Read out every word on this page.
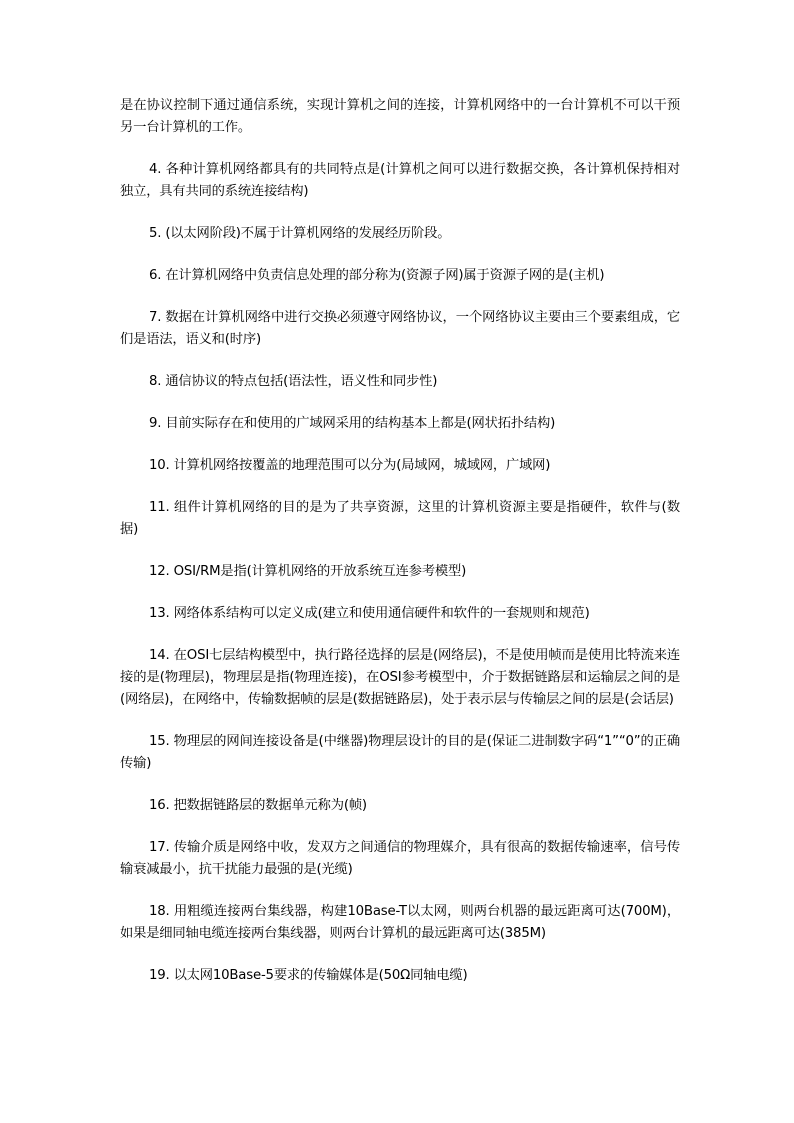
是在协议控制下通过通信系统，实现计算机之间的连接，计算机网络中的一台计算机不可以干预另一台计算机的工作。

4. 各种计算机网络都具有的共同特点是(计算机之间可以进行数据交换，各计算机保持相对独立，具有共同的系统连接结构)

5. (以太网阶段)不属于计算机网络的发展经历阶段。

6. 在计算机网络中负责信息处理的部分称为(资源子网)属于资源子网的是(主机)

7. 数据在计算机网络中进行交换必须遵守网络协议，一个网络协议主要由三个要素组成，它们是语法，语义和(时序)

8. 通信协议的特点包括(语法性，语义性和同步性)

9. 目前实际存在和使用的广域网采用的结构基本上都是(网状拓扑结构)

10. 计算机网络按覆盖的地理范围可以分为(局域网，城域网，广域网)

11. 组件计算机网络的目的是为了共享资源，这里的计算机资源主要是指硬件，软件与(数据)

12. OSI/RM是指(计算机网络的开放系统互连参考模型)

13. 网络体系结构可以定义成(建立和使用通信硬件和软件的一套规则和规范)

14. 在OSI七层结构模型中，执行路径选择的层是(网络层)，不是使用帧而是使用比特流来连接的是(物理层)，物理层是指(物理连接)，在OSI参考模型中，介于数据链路层和运输层之间的是(网络层)，在网络中，传输数据帧的层是(数据链路层)，处于表示层与传输层之间的层是(会话层)

15. 物理层的网间连接设备是(中继器)物理层设计的目的是(保证二进制数字码“1”“0”的正确传输)

16. 把数据链路层的数据单元称为(帧)

17. 传输介质是网络中收，发双方之间通信的物理媒介，具有很高的数据传输速率，信号传输衰减最小，抗干扰能力最强的是(光缆)

18. 用粗缆连接两台集线器，构建10Base-T以太网，则两台机器的最远距离可达(700M)，如果是细同轴电缆连接两台集线器，则两台计算机的最远距离可达(385M)

19. 以太网10Base-5要求的传输媒体是(50Ω同轴电缆)
